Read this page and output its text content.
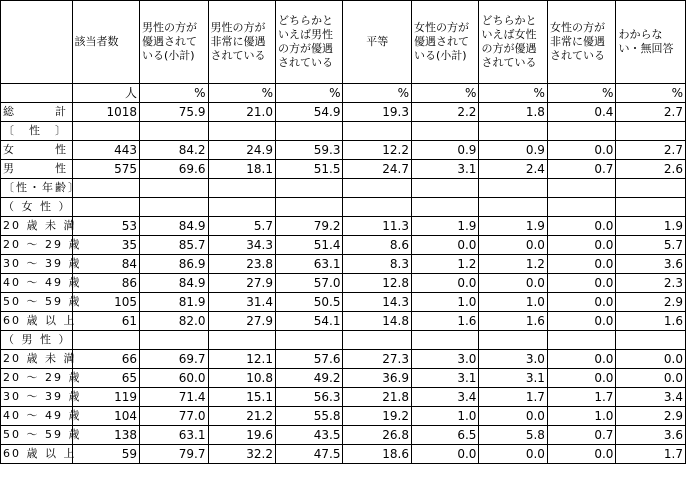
	該当者数	男性の方が優遇されている(小計)	男性の方が非常に優遇されている	どちらかといえば男性の方が優遇されている	平等	女性の方が優遇されている(小計)	どちらかといえば女性の方が優遇されている	女性の方が非常に優遇されている	わからない・無回答
	人	%	%	%	%	%	%	%	%
総　　　計	1018	75.9	21.0	54.9	19.3	2.2	1.8	0.4	2.7
〔　性　〕									
女　　　性	443	84.2	24.9	59.3	12.2	0.9	0.9	0.0	2.7
男　　　性	575	69.6	18.1	51.5	24.7	3.1	2.4	0.7	2.6
〔性・年齢〕									
（ 女 性 ）									
20 歳 未 満	53	84.9	5.7	79.2	11.3	1.9	1.9	0.0	1.9
20 ～ 29 歳	35	85.7	34.3	51.4	8.6	0.0	0.0	0.0	5.7
30 ～ 39 歳	84	86.9	23.8	63.1	8.3	1.2	1.2	0.0	3.6
40 ～ 49 歳	86	84.9	27.9	57.0	12.8	0.0	0.0	0.0	2.3
50 ～ 59 歳	105	81.9	31.4	50.5	14.3	1.0	1.0	0.0	2.9
60 歳 以 上	61	82.0	27.9	54.1	14.8	1.6	1.6	0.0	1.6
（ 男 性 ）									
20 歳 未 満	66	69.7	12.1	57.6	27.3	3.0	3.0	0.0	0.0
20 ～ 29 歳	65	60.0	10.8	49.2	36.9	3.1	3.1	0.0	0.0
30 ～ 39 歳	119	71.4	15.1	56.3	21.8	3.4	1.7	1.7	3.4
40 ～ 49 歳	104	77.0	21.2	55.8	19.2	1.0	0.0	1.0	2.9
50 ～ 59 歳	138	63.1	19.6	43.5	26.8	6.5	5.8	0.7	3.6
60 歳 以 上	59	79.7	32.2	47.5	18.6	0.0	0.0	0.0	1.7
